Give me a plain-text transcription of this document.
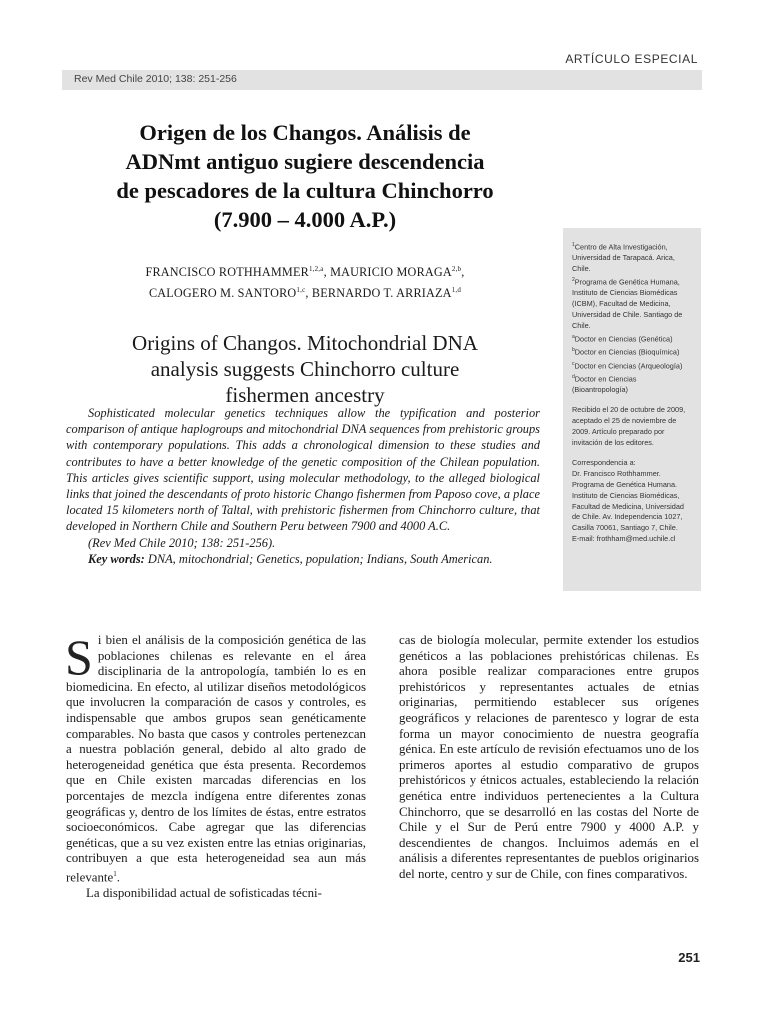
ARTÍCULO ESPECIAL
Rev Med Chile 2010; 138: 251-256
Origen de los Changos. Análisis de
ADNmt antiguo sugiere descendencia
de pescadores de la cultura Chinchorro
(7.900 – 4.000 A.P.)

FRANCISCO ROTHHAMMER$^{1,2,a}$, MAURICIO MORAGA$^{2,b}$,
CALOGERO M. SANTORO$^{1,c}$, BERNARDO T. ARRIAZA$^{1,d}$

Origins of Changos. Mitochondrial DNA
analysis suggests Chinchorro culture
fishermen ancestry

Sophisticated molecular genetics techniques allow the typification and posterior comparison of antique haplogroups and mitochondrial DNA sequences from prehistoric groups with contemporary populations. This adds a chronological dimension to these studies and contributes to have a better knowledge of the genetic composition of the Chilean population. This articles gives scientific support, using molecular methodology, to the alleged biological links that joined the descendants of proto historic Chango fishermen from Paposo cove, a place located 15 kilometers north of Taltal, with prehistoric fishermen from Chinchorro culture, that developed in Northern Chile and Southern Peru between 7900 and 4000 A.C.

(Rev Med Chile 2010; 138: 251-256).

Key words: DNA, mitochondrial; Genetics, population; Indians, South American.

$^1$Centro de Alta Investigación, Universidad de Tarapacá. Arica, Chile.

$^2$Programa de Genética Humana, Instituto de Ciencias Biomédicas (ICBM), Facultad de Medicina, Universidad de Chile. Santiago de Chile.

$^a$Doctor en Ciencias (Genética)

$^b$Doctor en Ciencias (Bioquímica)

$^c$Doctor en Ciencias (Arqueología)

$^d$Doctor en Ciencias (Bioantropología)

Recibido el 20 de octubre de 2009, aceptado el 25 de noviembre de 2009. Artículo preparado por invitación de los editores.

Correspondencia a:

Dr. Francisco Rothhammer. Programa de Genética Humana. Instituto de Ciencias Biomédicas, Facultad de Medicina, Universidad de Chile. Av. Independencia 1027, Casilla 70061, Santiago 7, Chile.

E-mail: frothham@med.uchile.cl

Si bien el análisis de la composición genética de las poblaciones chilenas es relevante en el área disciplinaria de la antropología, también lo es en biomedicina. En efecto, al utilizar diseños metodológicos que involucren la comparación de casos y controles, es indispensable que ambos grupos sean genéticamente comparables. No basta que casos y controles pertenezcan a nuestra población general, debido al alto grado de heterogeneidad genética que ésta presenta. Recordemos que en Chile existen marcadas diferencias en los porcentajes de mezcla indígena entre diferentes zonas geográficas y, dentro de los límites de éstas, entre estratos socioeconómicos. Cabe agregar que las diferencias genéticas, que a su vez existen entre las etnias originarias, contribuyen a que esta heterogeneidad sea aun más relevante$^1$.

La disponibilidad actual de sofisticadas técni-

cas de biología molecular, permite extender los estudios genéticos a las poblaciones prehistóricas chilenas. Es ahora posible realizar comparaciones entre grupos prehistóricos y representantes actuales de etnias originarias, permitiendo establecer sus orígenes geográficos y relaciones de parentesco y lograr de esta forma un mayor conocimiento de nuestra geografía génica. En este artículo de revisión efectuamos uno de los primeros aportes al estudio comparativo de grupos prehistóricos y étnicos actuales, estableciendo la relación genética entre individuos pertenecientes a la Cultura Chinchorro, que se desarrolló en las costas del Norte de Chile y el Sur de Perú entre 7900 y 4000 A.P. y descendientes de changos. Incluimos además en el análisis a diferentes representantes de pueblos originarios del norte, centro y sur de Chile, con fines comparativos.

251
